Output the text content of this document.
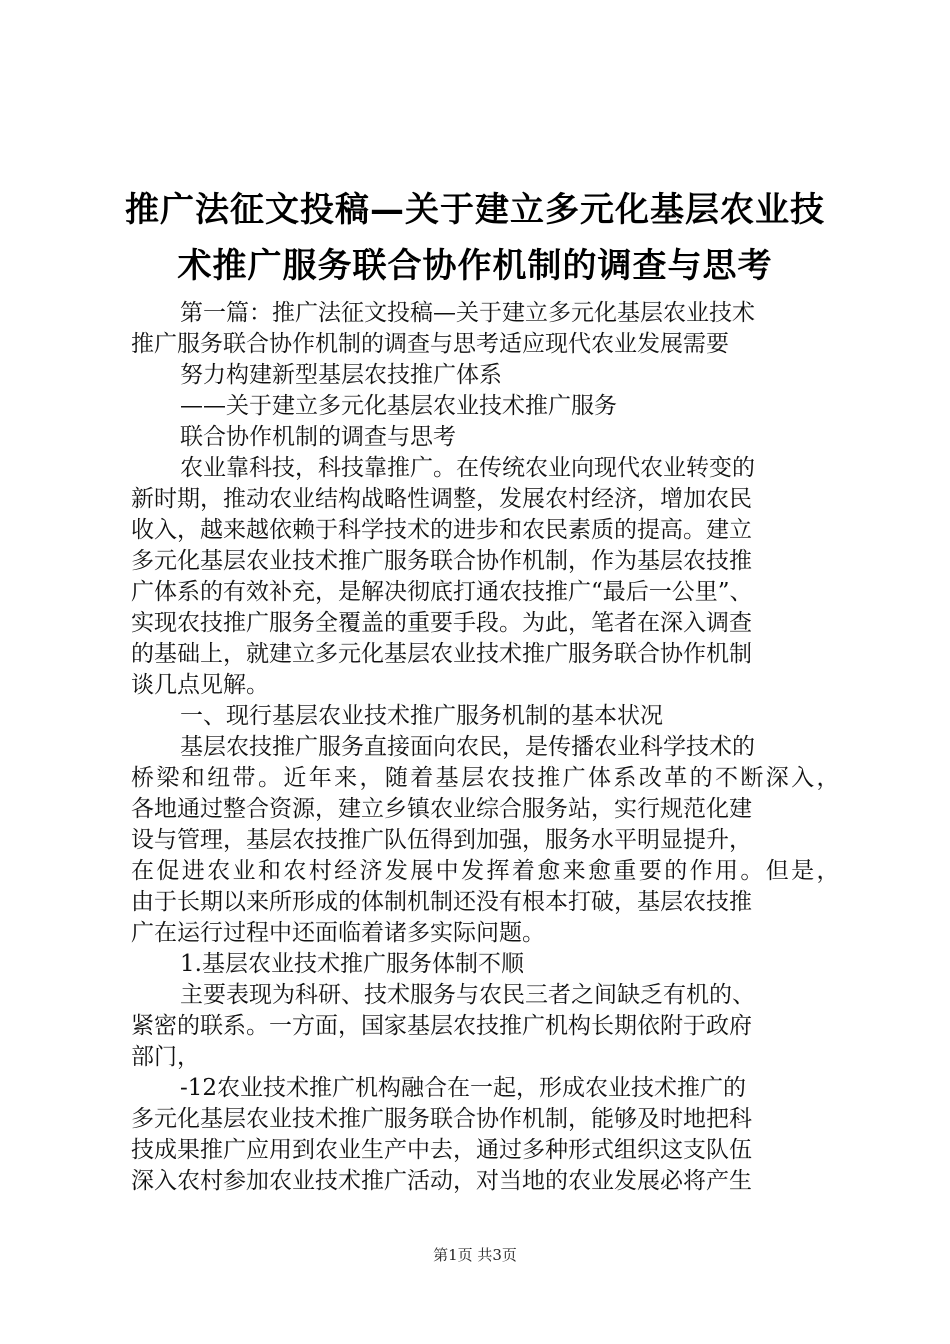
推广法征文投稿—关于建立多元化基层农业技
术推广服务联合协作机制的调查与思考
第一篇：推广法征文投稿—关于建立多元化基层农业技术
推广服务联合协作机制的调查与思考适应现代农业发展需要
努力构建新型基层农技推广体系
——关于建立多元化基层农业技术推广服务
联合协作机制的调查与思考
农业靠科技，科技靠推广。在传统农业向现代农业转变的
新时期，推动农业结构战略性调整，发展农村经济，增加农民
收入，越来越依赖于科学技术的进步和农民素质的提高。建立
多元化基层农业技术推广服务联合协作机制，作为基层农技推
广体系的有效补充，是解决彻底打通农技推广“最后一公里”、
实现农技推广服务全覆盖的重要手段。为此，笔者在深入调查
的基础上，就建立多元化基层农业技术推广服务联合协作机制
谈几点见解。
一、现行基层农业技术推广服务机制的基本状况
基层农技推广服务直接面向农民，是传播农业科学技术的
桥梁和纽带。近年来，随着基层农技推广体系改革的不断深入，
各地通过整合资源，建立乡镇农业综合服务站，实行规范化建
设与管理，基层农技推广队伍得到加强，服务水平明显提升，
在促进农业和农村经济发展中发挥着愈来愈重要的作用。但是，
由于长期以来所形成的体制机制还没有根本打破，基层农技推
广在运行过程中还面临着诸多实际问题。
1.基层农业技术推广服务体制不顺
主要表现为科研、技术服务与农民三者之间缺乏有机的、
紧密的联系。一方面，国家基层农技推广机构长期依附于政府
部门，
-12农业技术推广机构融合在一起，形成农业技术推广的
多元化基层农业技术推广服务联合协作机制，能够及时地把科
技成果推广应用到农业生产中去，通过多种形式组织这支队伍
深入农村参加农业技术推广活动，对当地的农业发展必将产生
第1页 共3页
